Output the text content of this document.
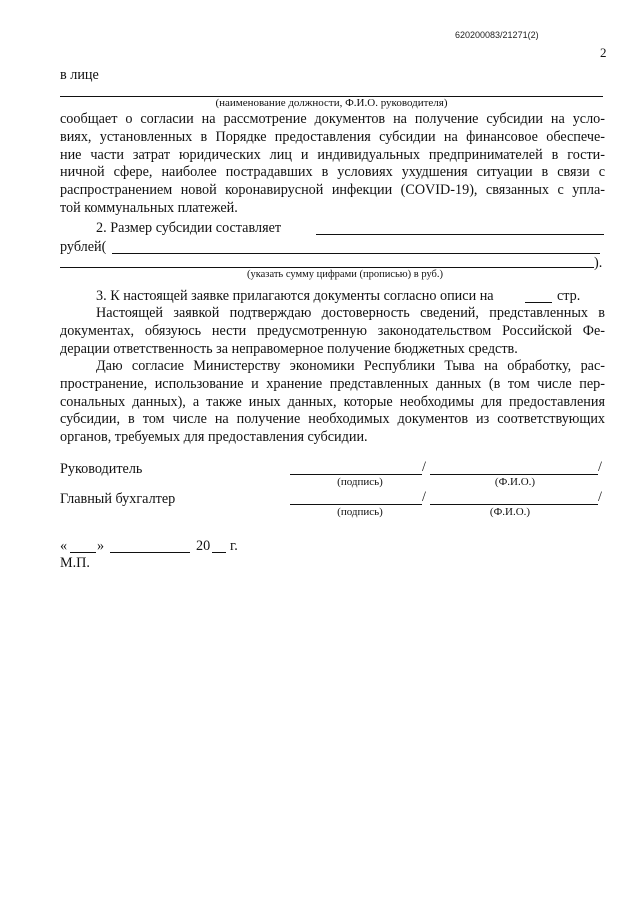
620200083/21271(2)
2
в лице
(наименование должности, Ф.И.О. руководителя)
сообщает о согласии на рассмотрение документов на получение субсидии на усло-
виях, установленных в Порядке предоставления субсидии на финансовое обеспече-
ние части затрат юридических лиц и индивидуальных предпринимателей в гости-
ничной сфере, наиболее пострадавших в условиях ухудшения ситуации в связи с
распространением новой коронавирусной инфекции (COVID-19), связанных с упла-
той коммунальных платежей.
2. Размер субсидии составляет
рублей(
).
(указать сумму цифрами (прописью) в руб.)
3. К настоящей заявке прилагаются документы согласно описи на	стр.
Настоящей заявкой подтверждаю достоверность сведений, представленных в
документах, обязуюсь нести предусмотренную законодательством Российской Фе-
дерации ответственность за неправомерное получение бюджетных средств.
Даю согласие Министерству экономики Республики Тыва на обработку, рас-
пространение, использование и хранение представленных данных (в том числе пер-
сональных данных), а также иных данных, которые необходимы для предоставления
субсидии, в том числе на получение необходимых документов из соответствующих
органов, требуемых для предоставления субсидии.
Руководитель	/	/
(подпись)	(Ф.И.О.)
Главный бухгалтер	/	/
(подпись)	(Ф.И.О.)
« »	20 г.
М.П.
